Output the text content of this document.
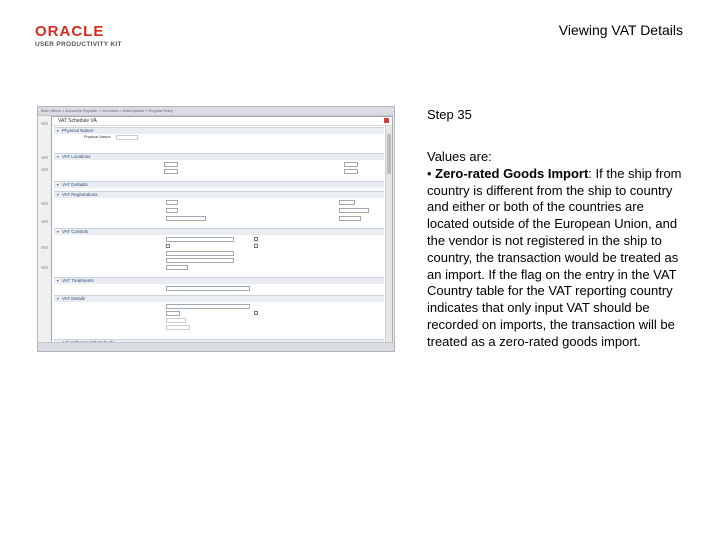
ORACLE
USER PRODUCTIVITY KIT
Viewing VAT Details
Main Menu > Accounts Payable > Vouchers > Add/Update > Regular Entry
VAT Schedule VA
▼ Physical Nature
Physical Nature
▼ VAT Locations
▼ VAT Defaults
▼ VAT Registrations
▼ VAT Controls
▼ VAT Treatments
▼ VAT Details
▼
Step 35
Values are:
• Zero-rated Goods Import: If the ship from country is different from the ship to country and either or both of the countries are located outside of the European Union, and the vendor is not registered in the ship to country, the transaction would be treated as an import. If the flag on the entry in the VAT Country table for the VAT reporting country indicates that only input VAT should be recorded on imports, the transaction will be treated as a zero-rated goods import.
